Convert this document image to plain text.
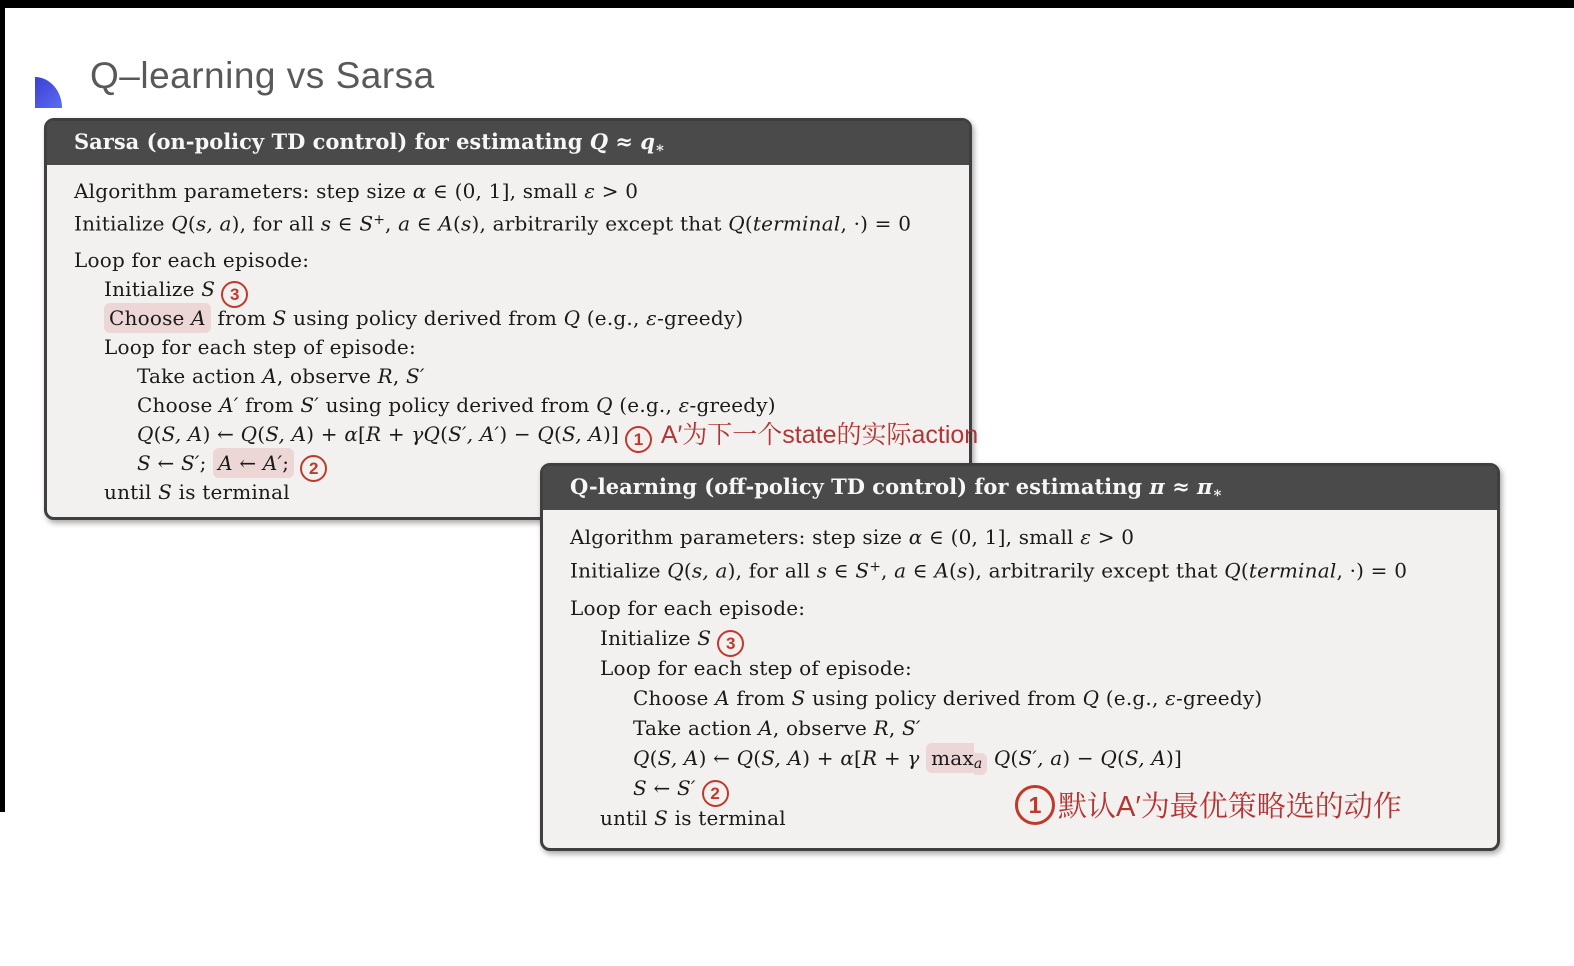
Q–learning vs Sarsa
Sarsa (on-policy TD control) for estimating $Q \approx q_∗$
Algorithm parameters: step size α ∈ (0, 1], small ε > 0
Initialize Q(s, a), for all s ∈ S+, a ∈ A(s), arbitrarily except that Q(terminal, ·) = 0
Loop for each episode:
Initialize S 3
Choose A from S using policy derived from Q (e.g., ε-greedy)
Loop for each step of episode:
Take action A, observe R, S′
Choose A′ from S′ using policy derived from Q (e.g., ε-greedy)
Q(S, A) ← Q(S, A) + α[R + γQ(S′, A′) − Q(S, A)] 1 A′为下一个state的实际action
S ← S′; A ← A′; 2
until S is terminal	Q-learning (off-policy TD control) for estimating $\pi \approx \pi_∗$
Algorithm parameters: step size α ∈ (0, 1], small ε > 0
Initialize Q(s, a), for all s ∈ S+, a ∈ A(s), arbitrarily except that Q(terminal, ·) = 0
Loop for each episode:
Initialize S 3
Loop for each step of episode:
Choose A from S using policy derived from Q (e.g., ε-greedy)
Take action A, observe R, S′
Q(S, A) ← Q(S, A) + α[R + γ $\max_a Q(S'$, a) − Q(S, A)]
S ← S′ 2
until S is terminal
1 默认A′为最优策略选的动作
